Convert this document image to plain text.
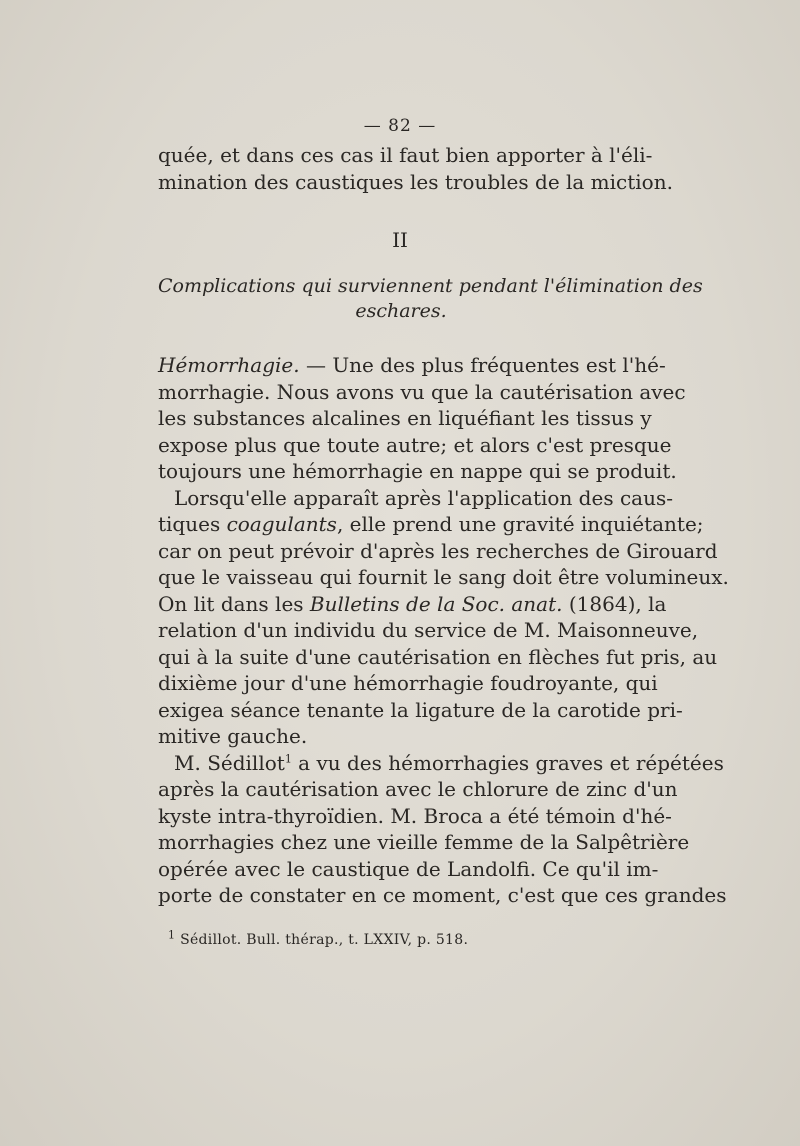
— 82 —
quée, et dans ces cas il faut bien apporter à l'éli-
mination des caustiques les troubles de la miction.
II
Complications qui surviennent pendant l'élimination des
eschares.
Hémorrhagie. — Une des plus fréquentes est l'hé-
morrhagie. Nous avons vu que la cautérisation avec
les substances alcalines en liquéfiant les tissus y
expose plus que toute autre; et alors c'est presque
toujours une hémorrhagie en nappe qui se produit.
Lorsqu'elle apparaît après l'application des caus-
tiques coagulants, elle prend une gravité inquiétante;
car on peut prévoir d'après les recherches de Girouard
que le vaisseau qui fournit le sang doit être volumineux.
On lit dans les Bulletins de la Soc. anat. (1864), la
relation d'un individu du service de M. Maisonneuve,
qui à la suite d'une cautérisation en flèches fut pris, au
dixième jour d'une hémorrhagie foudroyante, qui
exigea séance tenante la ligature de la carotide pri-
mitive gauche.
M. Sédillot$^1$ a vu des hémorrhagies graves et répétées
après la cautérisation avec le chlorure de zinc d'un
kyste intra-thyroïdien. M. Broca a été témoin d'hé-
morrhagies chez une vieille femme de la Salpêtrière
opérée avec le caustique de Landolfi. Ce qu'il im-
porte de constater en ce moment, c'est que ces grandes
$^1$ Sédillot. Bull. thérap., t. LXXIV, p. 518.
